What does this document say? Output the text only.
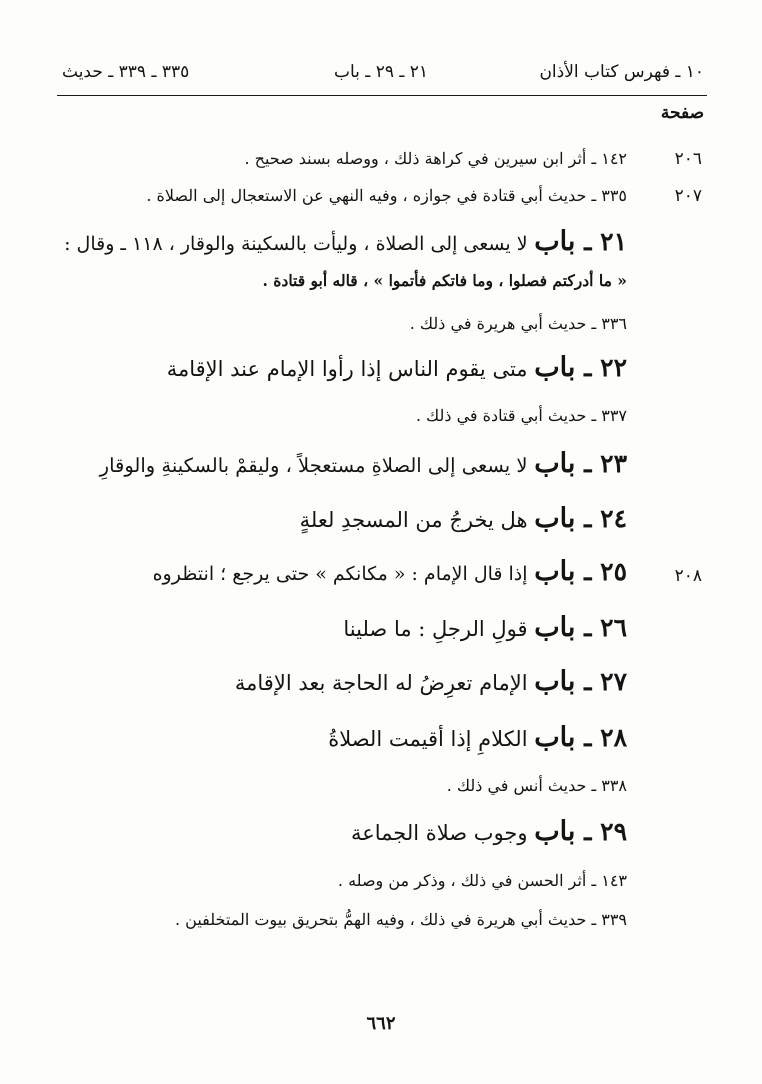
١٠ ـ فهرس كتاب الأذان
٢١ ـ ٢٩ ـ باب
٣٣٥ ـ ٣٣٩ ـ حديث
صفحة
٢٠٦
١٤٢ ـ أثر ابن سيرين في كراهة ذلك ، ووصله بسند صحيح .
٢٠٧
٣٣٥ ـ حديث أبي قتادة في جوازه ، وفيه النهي عن الاستعجال إلى الصلاة .
٢١ ـ باب لا يسعى إلى الصلاة ، وليأت بالسكينة والوقار ، ١١٨ ـ وقال :
« ما أدركتم فصلوا ، وما فاتكم فأتموا » ، قاله أبو قتادة .
٣٣٦ ـ حديث أبي هريرة في ذلك .
٢٢ ـ باب متى يقوم الناس إذا رأوا الإمام عند الإقامة
٣٣٧ ـ حديث أبي قتادة في ذلك .
٢٣ ـ باب لا يسعى إلى الصلاةِ مستعجلاً ، وليقمْ بالسكينةِ والوقارِ
٢٤ ـ باب هل يخرجُ من المسجدِ لعلةٍ
٢٠٨
٢٥ ـ باب إذا قال الإمام : « مكانكم » حتى يرجع ؛ انتظروه
٢٦ ـ باب قولِ الرجلِ : ما صلينا
٢٧ ـ باب الإمام تعرِضُ له الحاجة بعد الإقامة
٢٨ ـ باب الكلامِ إذا أقيمت الصلاةُ
٣٣٨ ـ حديث أنس في ذلك .
٢٩ ـ باب وجوب صلاة الجماعة
١٤٣ ـ أثر الحسن في ذلك ، وذكر من وصله .
٣٣٩ ـ حديث أبي هريرة في ذلك ، وفيه الهمُّ بتحريق بيوت المتخلفين .
٦٦٢
